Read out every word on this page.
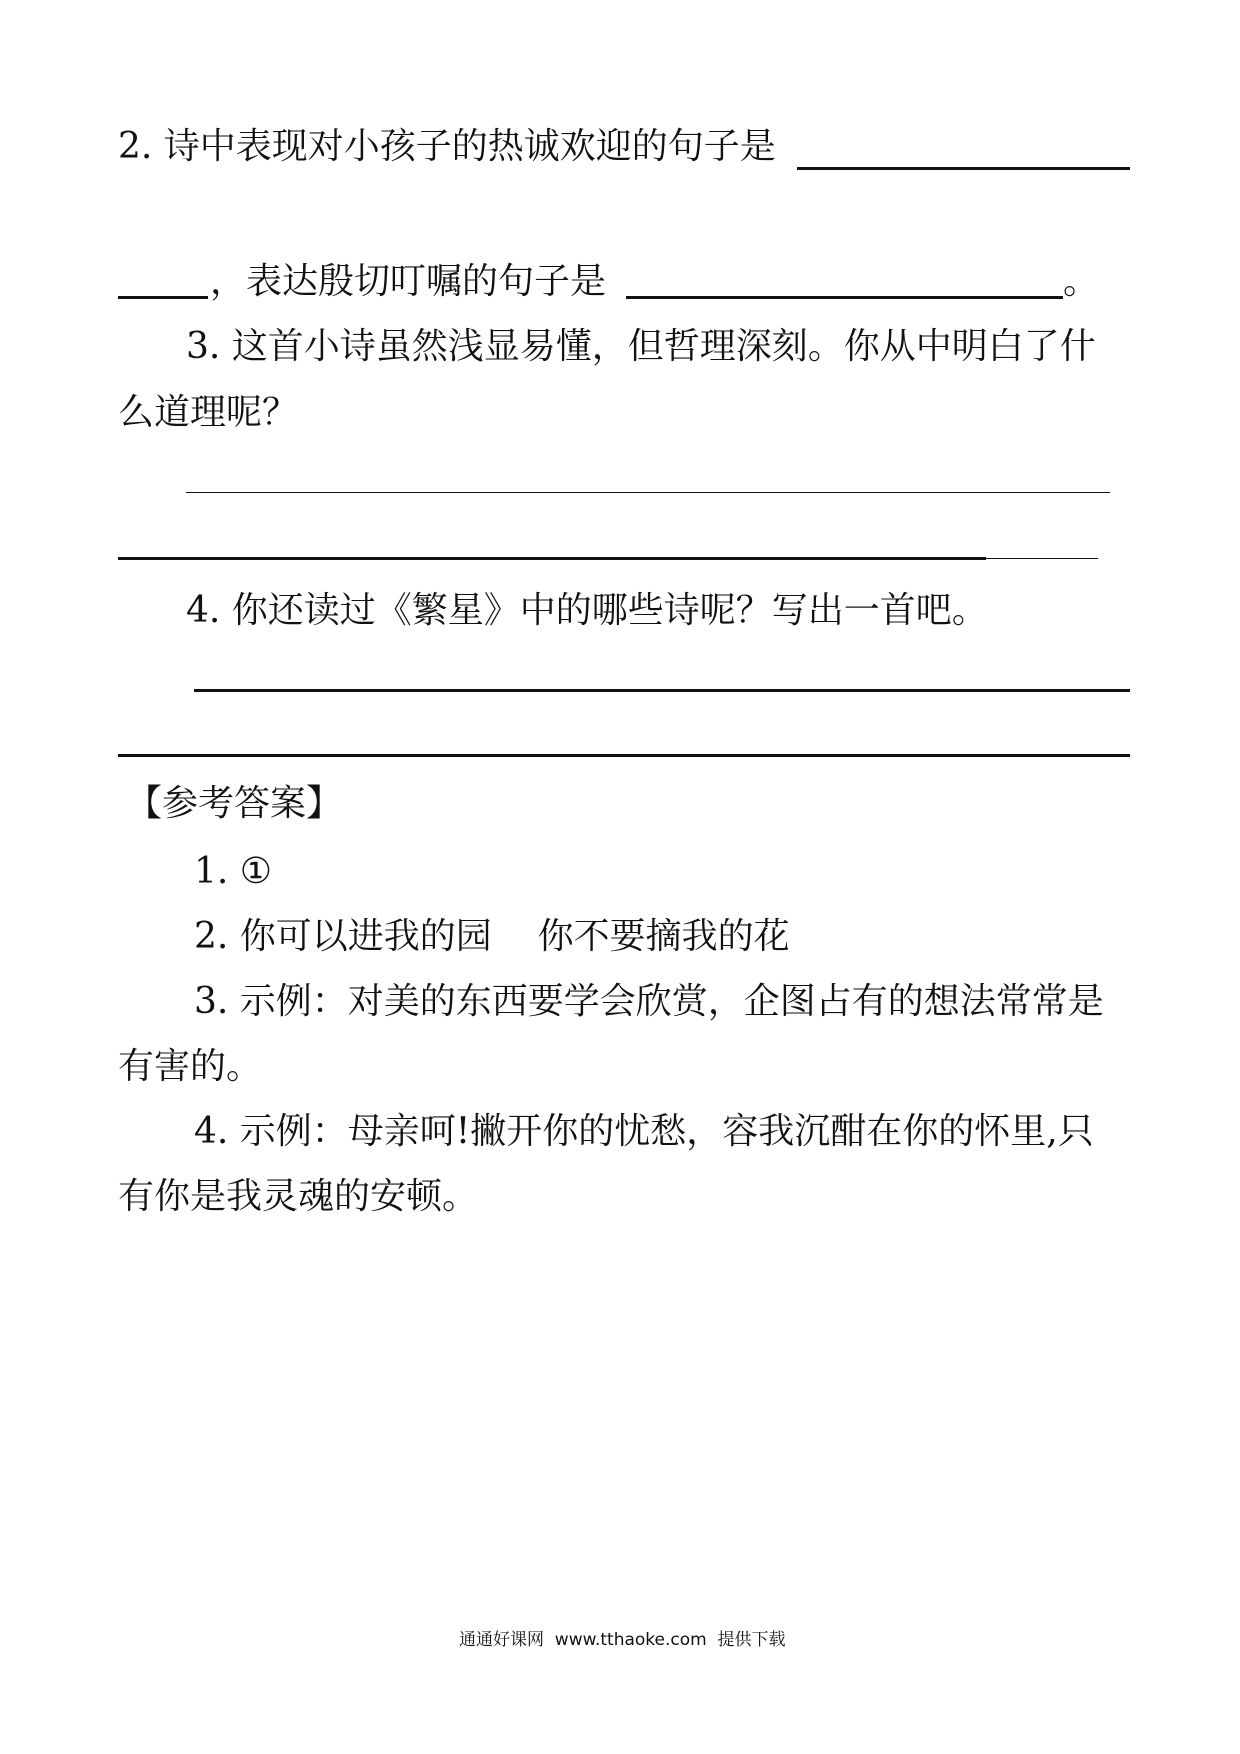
2. 诗中表现对小孩子的热诚欢迎的句子是
，表达殷切叮嘱的句子是	。
3. 这首小诗虽然浅显易懂，但哲理深刻。你从中明白了什
么道理呢？
4. 你还读过《繁星》中的哪些诗呢？写出一首吧。
【参考答案】
1. ①
2. 你可以进我的园    你不要摘我的花
3. 示例：对美的东西要学会欣赏，企图占有的想法常常是
有害的。
4. 示例：母亲呵!撇开你的忧愁，容我沉酣在你的怀里,只
有你是我灵魂的安顿。
通通好课网  www.tthaoke.com  提供下载
